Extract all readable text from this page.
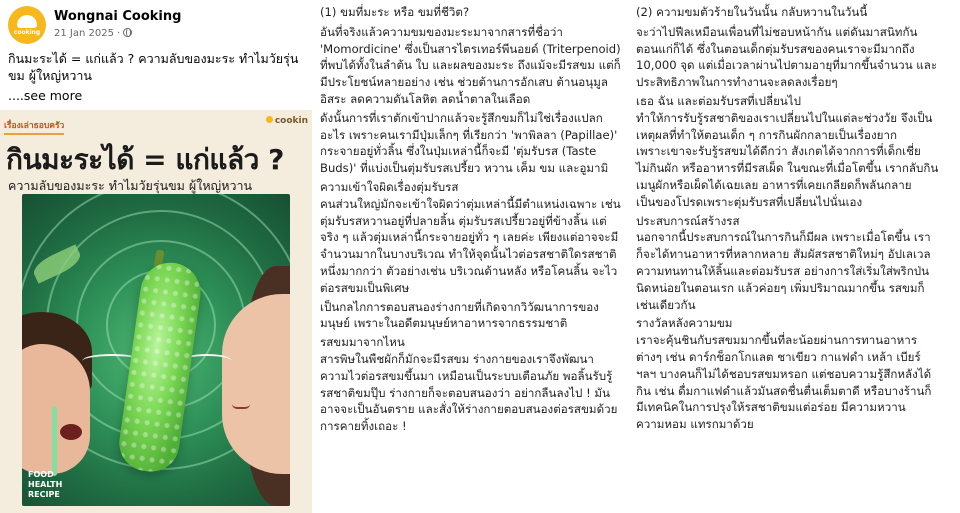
cooking
Wongnai Cooking
21 Jan 2025 ·
กินมะระได้ = แก่แล้ว ? ความลับของมะระ ทำไมวัยรุ่นขม ผู้ใหญ่หวาน
....see more
เรื่องเล่าธอบครัว	cookin
กินมะระได้ = แก่แล้ว ?
ความลับของมะระ ทำไมวัยรุ่นขม ผู้ใหญ่หวาน
FOOD
HEALTH
RECIPE

(1) ขมที่มะระ หรือ ขมที่ชีวิต?

อันที่จริงแล้วความขมของมะระมาจากสารที่ชื่อว่า
'Momordicine' ซึ่งเป็นสารไตรเทอร์พีนอยด์ (Triterpenoid)
ที่พบได้ทั้งในลำต้น ใบ และผลของมะระ ถึงแม้จะมีรสขม แต่ก็
มีประโยชน์หลายอย่าง เช่น ช่วยต้านการอักเสบ ต้านอนุมูล
อิสระ ลดความดันโลหิต ลดน้ำตาลในเลือด

ดังนั้นการที่เราตักเข้าปากแล้วจะรู้สึกขมก็ไม่ใช่เรื่องแปลก
อะไร เพราะคนเรามีปุ่มเล็กๆ ที่เรียกว่า 'พาพิลลา (Papillae)'
กระจายอยู่ทั่วลิ้น ซึ่งในปุ่มเหล่านี้ก็จะมี 'ตุ่มรับรส (Taste
Buds)' ที่แบ่งเป็นตุ่มรับรสเปรี้ยว หวาน เค็ม ขม และอูมามิ

ความเข้าใจผิดเรื่องตุ่มรับรส
คนส่วนใหญ่มักจะเข้าใจผิดว่าตุ่มเหล่านี้มีตำแหน่งเฉพาะ เช่น
ตุ่มรับรสหวานอยู่ที่ปลายลิ้น ตุ่มรับรสเปรี้ยวอยู่ที่ข้างลิ้น แต่
จริง ๆ แล้วตุ่มเหล่านี้กระจายอยู่ทั่ว ๆ เลยค่ะ เพียงแต่อาจจะมี
จำนวนมากในบางบริเวณ ทำให้จุดนั้นไวต่อรสชาติใดรสชาติ
หนึ่งมากกว่า ตัวอย่างเช่น บริเวณด้านหลัง หรือโคนลิ้น จะไว
ต่อรสขมเป็นพิเศษ

เป็นกลไกการตอบสนองร่างกายที่เกิดจากวิวัฒนาการของ
มนุษย์ เพราะในอดีตมนุษย์หาอาหารจากธรรมชาติ

รสขมมาจากไหน
สารพิษในพืชผักก็มักจะมีรสขม ร่างกายของเราจึงพัฒนา
ความไวต่อรสขมขึ้นมา เหมือนเป็นระบบเตือนภัย พอลิ้นรับรู้
รสชาติขมปุ๊บ ร่างกายก็จะตอบสนองว่า อย่ากลืนลงไป ! มัน
อาจจะเป็นอันตราย และสั่งให้ร่างกายตอบสนองต่อรสขมด้วย
การคายทิ้งเถอะ !

(2) ความขมตัวร้ายในวันนั้น กลับหวานในวันนี้

จะว่าไปฟีลเหมือนเพื่อนที่ไม่ชอบหน้ากัน แต่ดันมาสนิทกัน
ตอนแก่ก็ได้ ซึ่งในตอนเด็กตุ่มรับรสของคนเราจะมีมากถึง
10,000 จุด แต่เมื่อเวลาผ่านไปตามอายุที่มากขึ้นจำนวน และ
ประสิทธิภาพในการทำงานจะลดลงเรื่อยๆ

เธอ ฉัน และต่อมรับรสที่เปลี่ยนไป
ทำให้การรับรู้รสชาติของเราเปลี่ยนไปในแต่ละช่วงวัย จึงเป็น
เหตุผลที่ทำให้ตอนเด็ก ๆ การกินผักกลายเป็นเรื่องยาก
เพราะเขาจะรับรู้รสขมได้ดีกว่า สังเกตได้จากการที่เด็กเชี่ย
ไม่กินผัก หรืออาหารที่มีรสเผ็ด ในขณะที่เมื่อโตขึ้น เรากลับกิน
เมนูผักหรือเผ็ดได้เฉยเลย อาหารที่เคยเกลียดก็พลันกลาย
เป็นของโปรดเพราะตุ่มรับรสที่เปลี่ยนไปนั่นเอง

ประสบการณ์สร้างรส
นอกจากนี้ประสบการณ์ในการกินก็มีผล เพราะเมื่อโตขึ้น เรา
ก็จะได้ทานอาหารที่หลากหลาย สัมผัสรสชาติใหม่ๆ อัปเลเวล
ความทนทานให้ลิ้นและต่อมรับรส อย่างการใส่เริ่มใส่พริกป่น
นิดหน่อยในตอนเรก แล้วค่อยๆ เพิ่มปริมาณมากขึ้น รสขมก็
เช่นเดียวกัน

รางวัลหลังความขม
เราจะคุ้นชินกับรสขมมากขึ้นที่ละน้อยผ่านการทานอาหาร
ต่างๆ เช่น ดาร์กช็อกโกแลต ชาเขียว กาแฟดำ เหล้า เบียร์
ฯลฯ บางคนก็ไม่ได้ชอบรสขมหรอก แต่ชอบความรู้สึกหลังได้
กิน เช่น ดื่มกาแฟดำแล้วมันสดชื่นตื่นเต็มตาดี หรือบางร้านก็
มีเทคนิคในการปรุงให้รสชาติขมแต่อร่อย มีความหวาน
ความหอม แทรกมาด้วย
